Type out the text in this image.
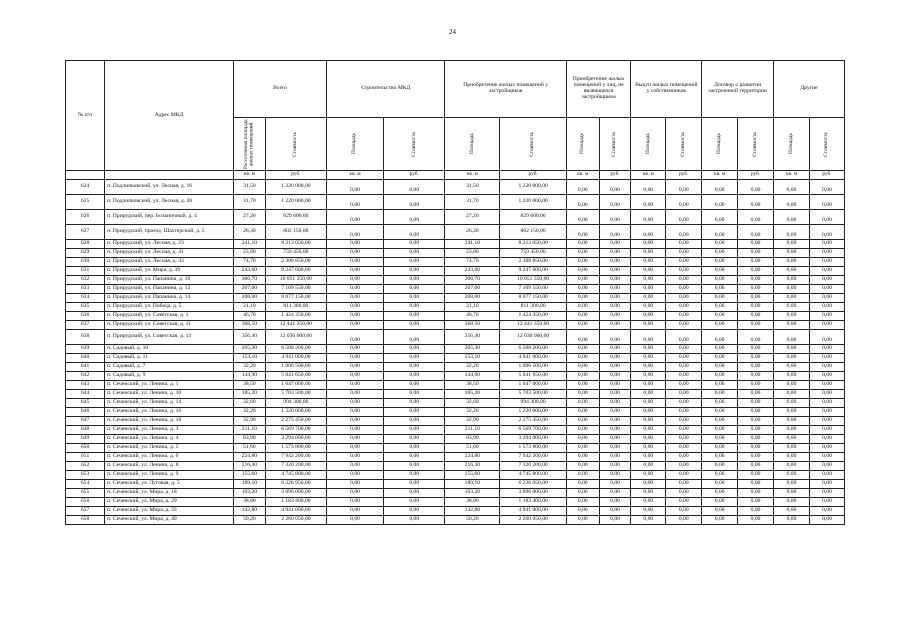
24
№ п/п	Адрес МКД	Всего		Строительство МКД		Приобретение жилых помещений у застройщиков		Приобретение жилых помещений у лиц, не являющихся застройщиком		Выкуп жилых помещений у собственников		Договор о развитии застроенной территории		Другие	

		Расселяемая площадь жилых помещений	Стоимость	Площадь	Стоимость	Площадь	Стоимость	Площадь	Стоимость	Площадь	Стоимость	Площадь	Стоимость	Площадь	Стоимость

		кв. м	руб.	кв. м	руб.	кв. м	руб.	кв. м	руб.	кв. м	руб.	кв. м	руб.	кв. м	руб.
624	п. Подлипковский, ул. Лесная, д. 16	31,50	1 220 000,00	0,00	0,00	31,50	1 220 000,00	0,00	0,00	0,00	0,00	0,00	0,00	0,00	0,00
625	п. Подлипковский, ул. Лесная, д. 20	31,70	1 220 000,00	0,00	0,00	31,70	1 220 000,00	0,00	0,00	0,00	0,00	0,00	0,00	0,00	0,00
626	п. Прирудский, пер. Больничный, д. 4	27,20	829 600,00	0,00	0,00	27,20	829 600,00	0,00	0,00	0,00	0,00	0,00	0,00	0,00	0,00
627	п. Прирудский, проезд. Шахтерский, д. 5	26,30	802 150,00	0,00	0,00	26,30	802 150,00	0,00	0,00	0,00	0,00	0,00	0,00	0,00	0,00
628	п. Прирудский, ул. Лесная, д. 23	241,10	8 213 050,00	0,00	0,00	241,10	8 213 050,00	0,00	0,00	0,00	0,00	0,00	0,00	0,00	0,00
629	п. Прирудский, ул. Лесная, д. 41	23,80	759 450,00	0,00	0,00	23,80	759 450,00	0,00	0,00	0,00	0,00	0,00	0,00	0,00	0,00
630	п. Прирудский, ул. Лесная, д. 43	74,70	2 308 850,00	0,00	0,00	74,70	2 308 850,00	0,00	0,00	0,00	0,00	0,00	0,00	0,00	0,00
631	п. Прирудский, ул. Мира, д. 39	243,60	9 247 600,00	0,00	0,00	243,60	9 247 600,00	0,00	0,00	0,00	0,00	0,00	0,00	0,00	0,00
632	п. Прирудский, ул. Папанина, д. 10	306,70	10 051 350,00	0,00	0,00	306,70	10 051 350,00	0,00	0,00	0,00	0,00	0,00	0,00	0,00	0,00
633	п. Прирудский, ул. Папанина, д. 12	207,00	7 109 550,00	0,00	0,00	207,00	7 109 550,00	0,00	0,00	0,00	0,00	0,00	0,00	0,00	0,00
634	п. Прирудский, ул. Папанина, д. 14	208,00	8 077 150,00	0,00	0,00	208,00	8 077 150,00	0,00	0,00	0,00	0,00	0,00	0,00	0,00	0,00
635	п. Прирудский, ул. Победа, д. 5	21,10	811 300,00	0,00	0,00	21,10	811 300,00	0,00	0,00	0,00	0,00	0,00	0,00	0,00	0,00
636	п. Прирудский, ул. Советская, д. 1	46,70	1 424 350,00	0,00	0,00	46,70	1 424 350,00	0,00	0,00	0,00	0,00	0,00	0,00	0,00	0,00
637	п. Прирудский, ул. Советская, д. 11	368,50	12 441 350,00	0,00	0,00	368,50	12 441 350,00	0,00	0,00	0,00	0,00	0,00	0,00	0,00	0,00
638	п. Прирудский, ул. Советская, д. 13	356,40	12 030 000,00	0,00	0,00	356,40	12 030 000,00	0,00	0,00	0,00	0,00	0,00	0,00	0,00	0,00
639	п. Садовый, д. 10	205,30	6 508 200,00	0,00	0,00	205,30	6 508 200,00	0,00	0,00	0,00	0,00	0,00	0,00	0,00	0,00
640	п. Садовый, д. 11	153,10	4 941 000,00	0,00	0,00	153,10	4 941 000,00	0,00	0,00	0,00	0,00	0,00	0,00	0,00	0,00
641	п. Садовый, д. 7	32,20	1 006 500,00	0,00	0,00	32,20	1 006 500,00	0,00	0,00	0,00	0,00	0,00	0,00	0,00	0,00
642	п. Садовый, д. 9	144,90	5 041 650,00	0,00	0,00	144,90	5 041 650,00	0,00	0,00	0,00	0,00	0,00	0,00	0,00	0,00
643	п. Сеченский, ул. Ленина, д. 1	38,50	1 647 000,00	0,00	0,00	38,50	1 647 000,00	0,00	0,00	0,00	0,00	0,00	0,00	0,00	0,00
644	п. Сеченский, ул. Ленина, д. 10	185,20	5 703 500,00	0,00	0,00	185,20	5 703 500,00	0,00	0,00	0,00	0,00	0,00	0,00	0,00	0,00
645	п. Сеченский, ул. Ленина, д. 14	32,60	994 300,00	0,00	0,00	32,60	994 300,00	0,00	0,00	0,00	0,00	0,00	0,00	0,00	0,00
646	п. Сеченский, ул. Ленина, д. 16	32,20	1 220 000,00	0,00	0,00	32,20	1 220 000,00	0,00	0,00	0,00	0,00	0,00	0,00	0,00	0,00
647	п. Сеченский, ул. Ленина, д. 18	32,90	2 275 450,00	0,00	0,00	32,90	2 275 450,00	0,00	0,00	0,00	0,00	0,00	0,00	0,00	0,00
648	п. Сеченский, ул. Ленина, д. 3	211,10	6 569 700,00	0,00	0,00	211,10	6 569 700,00	0,00	0,00	0,00	0,00	0,00	0,00	0,00	0,00
649	п. Сеченский, ул. Ленина, д. 4	83,90	3 294 000,00	0,00	0,00	83,90	3 294 000,00	0,00	0,00	0,00	0,00	0,00	0,00	0,00	0,00
650	п. Сеченский, ул. Ленина, д. 5	51,60	1 573 800,00	0,00	0,00	51,60	1 573 800,00	0,00	0,00	0,00	0,00	0,00	0,00	0,00	0,00
651	п. Сеченский, ул. Ленина, д. 6	224,80	7 942 200,00	0,00	0,00	224,80	7 942 200,00	0,00	0,00	0,00	0,00	0,00	0,00	0,00	0,00
652	п. Сеченский, ул. Ленина, д. 8	216,30	7 320 200,00	0,00	0,00	216,30	7 320 200,00	0,00	0,00	0,00	0,00	0,00	0,00	0,00	0,00
653	п. Сеченский, ул. Ленина, д. 9	155,60	4 745 800,00	0,00	0,00	155,60	4 745 800,00	0,00	0,00	0,00	0,00	0,00	0,00	0,00	0,00
654	п. Сеченский, ул. Луговая, д. 5	189,10	6 226 950,00	0,00	0,00	189,10	6 226 950,00	0,00	0,00	0,00	0,00	0,00	0,00	0,00	0,00
655	п. Сеченский, ул. Мира, д. 18	103,20	3 096 000,00	0,00	0,00	103,20	3 096 000,00	0,00	0,00	0,00	0,00	0,00	0,00	0,00	0,00
656	п. Сеченский, ул. Мира, д. 29	38,80	1 183 400,00	0,00	0,00	38,80	1 183 400,00	0,00	0,00	0,00	0,00	0,00	0,00	0,00	0,00
657	п. Сеченский, ул. Мира, д. 33	142,80	4 941 000,00	0,00	0,00	142,80	4 941 000,00	0,00	0,00	0,00	0,00	0,00	0,00	0,00	0,00
658	п. Сеченский, ул. Мира, д. 40	50,20	2 260 050,00	0,00	0,00	50,20	2 260 050,00	0,00	0,00	0,00	0,00	0,00	0,00	0,00	0,00
